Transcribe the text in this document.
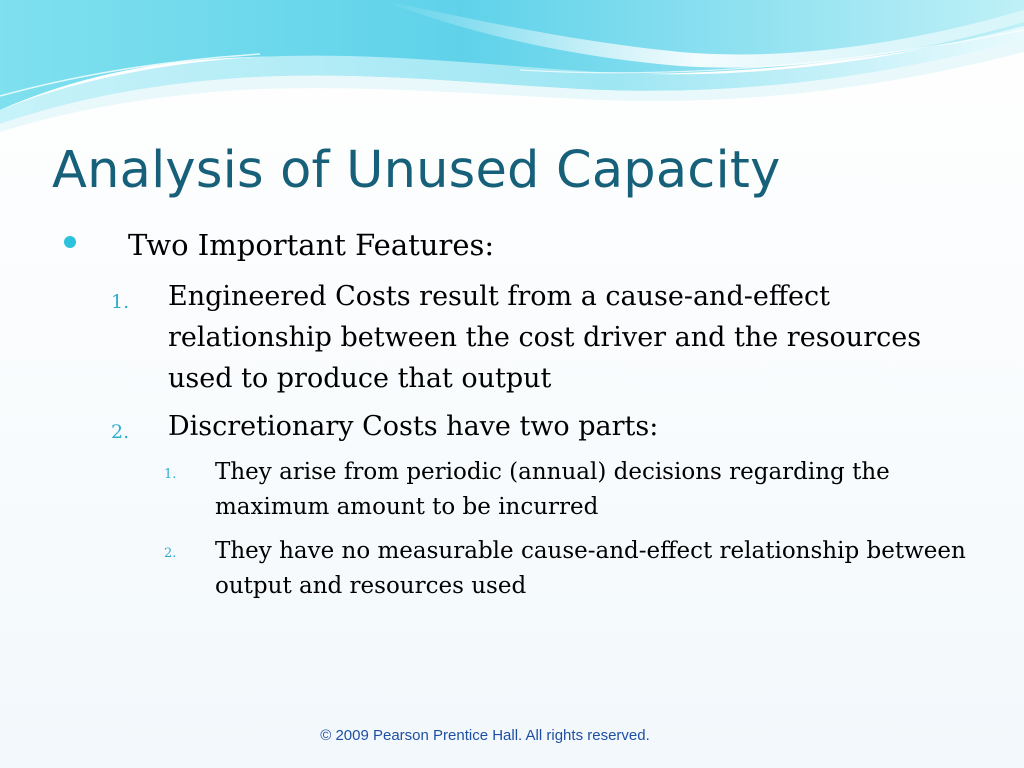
Analysis of Unused Capacity
Two Important Features:
1. Engineered Costs result from a cause-and-effect relationship between the cost driver and the resources used to produce that output
2. Discretionary Costs have two parts:
1. They arise from periodic (annual) decisions regarding the maximum amount to be incurred
2. They have no measurable cause-and-effect relationship between output and resources used
© 2009 Pearson Prentice Hall. All rights reserved.
